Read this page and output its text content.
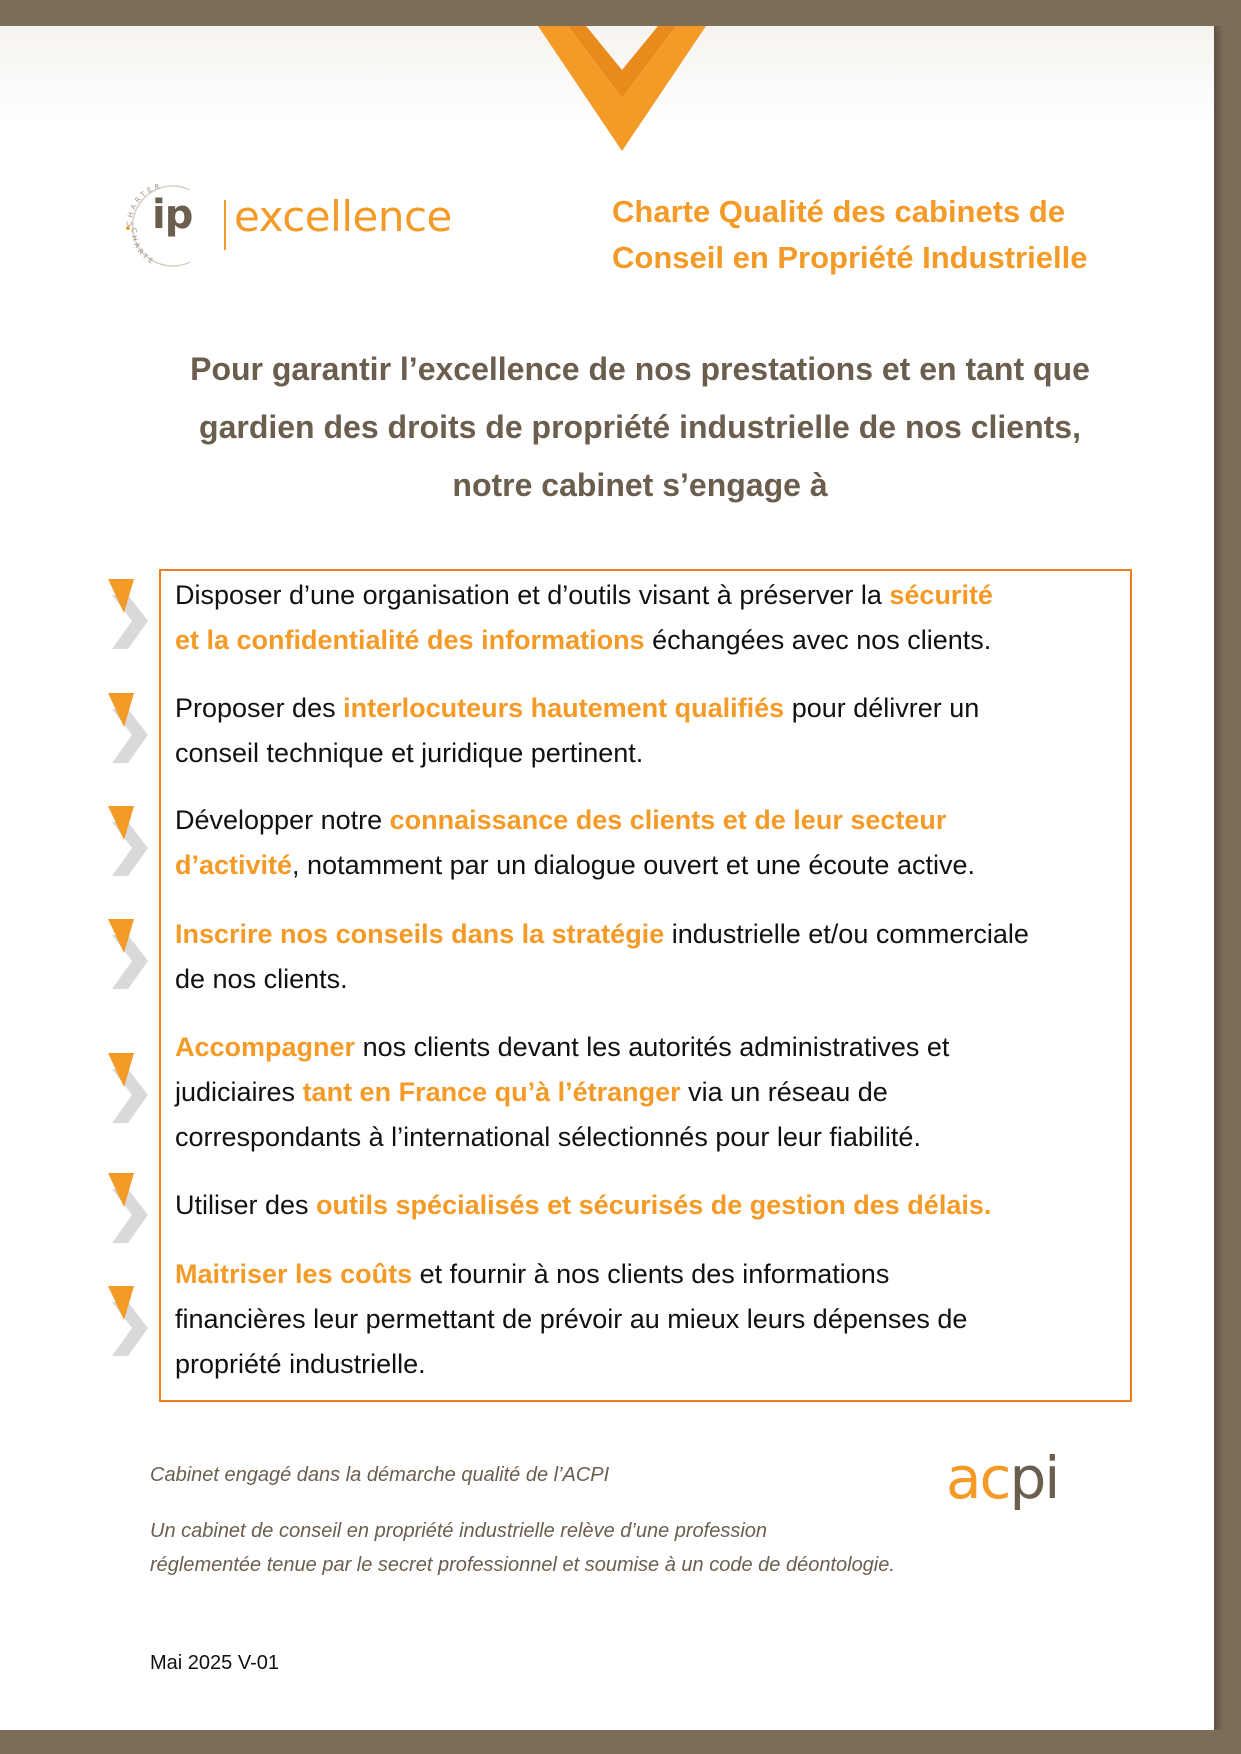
CHARTER
CHARTE
ip excellence	Charte Qualité des cabinets de
Conseil en Propriété Industrielle
Pour garantir l’excellence de nos prestations et en tant que
gardien des droits de propriété industrielle de nos clients,
notre cabinet s’engage à
Disposer d’une organisation et d’outils visant à préserver la sécurité
et la confidentialité des informations échangées avec nos clients.
Proposer des interlocuteurs hautement qualifiés pour délivrer un
conseil technique et juridique pertinent.
Développer notre connaissance des clients et de leur secteur
d’activité, notamment par un dialogue ouvert et une écoute active.
Inscrire nos conseils dans la stratégie industrielle et/ou commerciale
de nos clients.
Accompagner nos clients devant les autorités administratives et
judiciaires tant en France qu’à l’étranger via un réseau de
correspondants à l’international sélectionnés pour leur fiabilité.
Utiliser des outils spécialisés et sécurisés de gestion des délais.
Maitriser les coûts et fournir à nos clients des informations
financières leur permettant de prévoir au mieux leurs dépenses de
propriété industrielle.
Cabinet engagé dans la démarche qualité de l’ACPI	acpi
Un cabinet de conseil en propriété industrielle relève d’une profession
réglementée tenue par le secret professionnel et soumise à un code de déontologie.
Mai 2025 V-01
